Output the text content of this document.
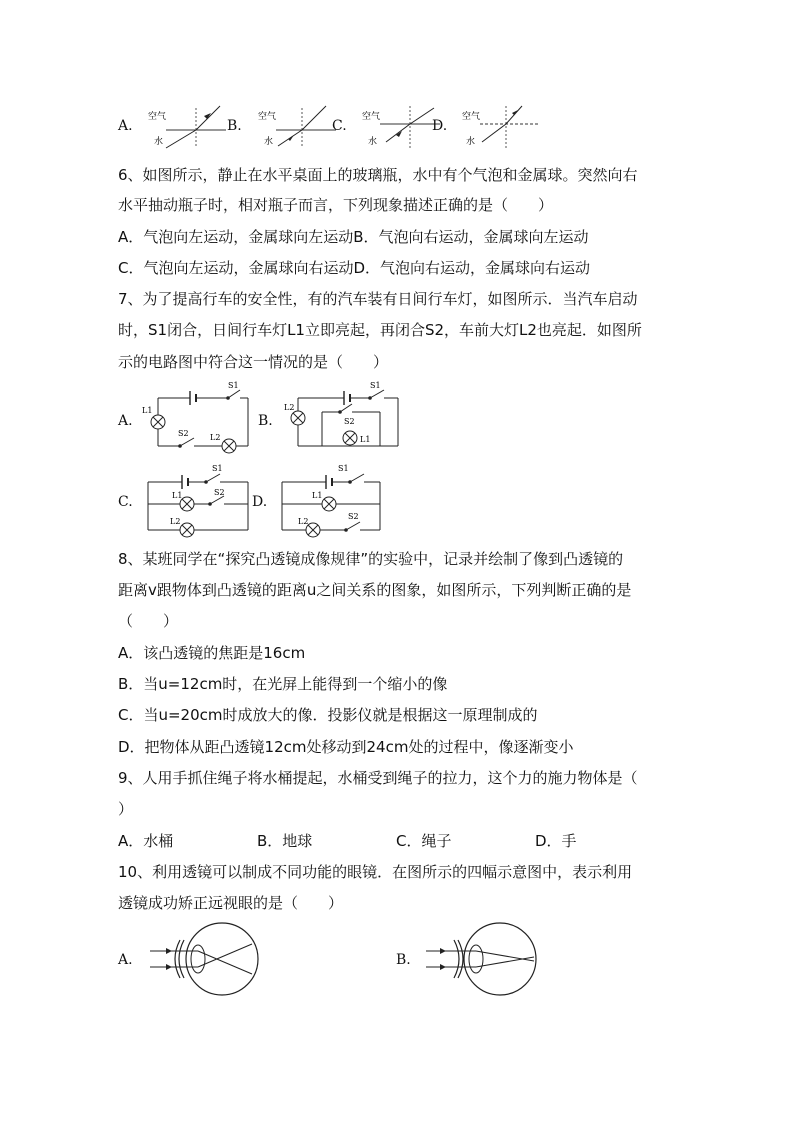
A.
空气
水
B.
空气
水
C.
空气
水
D.
空气
水
6、如图所示，静止在水平桌面上的玻璃瓶，水中有个气泡和金属球。突然向右
水平抽动瓶子时，相对瓶子而言，下列现象描述正确的是（　　）
A．气泡向左运动，金属球向左运动B．气泡向右运动，金属球向左运动
C．气泡向左运动，金属球向右运动D．气泡向右运动，金属球向右运动
7、为了提高行车的安全性，有的汽车装有日间行车灯，如图所示．当汽车启动
时，S1闭合，日间行车灯L1立即亮起，再闭合S2，车前大灯L2也亮起．如图所
示的电路图中符合这一情况的是（　　）
A.
S1
L1
S2	L2
B.
S1
L2
S2
L1
C.
S1
L1	S2
L2
D.
S1
L1
L2
S2
8、某班同学在“探究凸透镜成像规律”的实验中，记录并绘制了像到凸透镜的
距离v跟物体到凸透镜的距离u之间关系的图象，如图所示，下列判断正确的是
（　　）
A．该凸透镜的焦距是16cm
B．当u=12cm时，在光屏上能得到一个缩小的像
C．当u=20cm时成放大的像．投影仪就是根据这一原理制成的
D．把物体从距凸透镜12cm处移动到24cm处的过程中，像逐渐变小
9、人用手抓住绳子将水桶提起，水桶受到绳子的拉力，这个力的施力物体是（
）
A．水桶	B．地球	C．绳子	D．手
10、利用透镜可以制成不同功能的眼镜．在图所示的四幅示意图中，表示利用
透镜成功矫正远视眼的是（　　）
A.	B.
